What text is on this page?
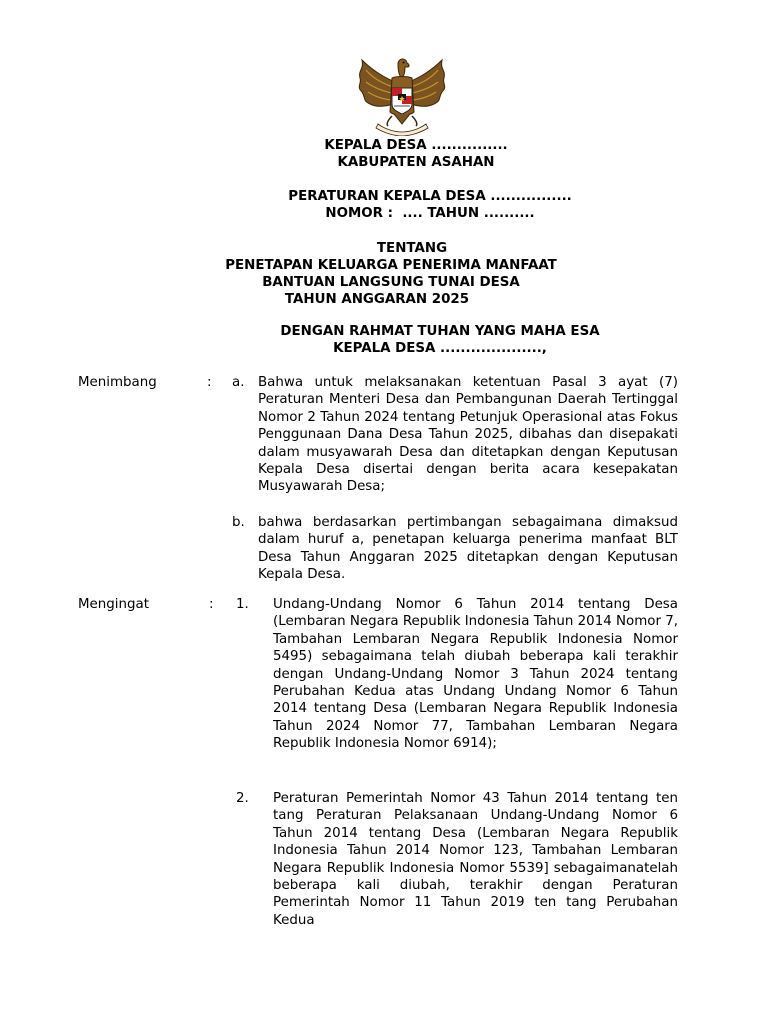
KEPALA DESA ...............
KABUPATEN ASAHAN
PERATURAN KEPALA DESA ................
NOMOR :  .... TAHUN ..........
TENTANG
PENETAPAN KELUARGA PENERIMA MANFAAT
BANTUAN LANGSUNG TUNAI DESA
TAHUN ANGGARAN 2025
DENGAN RAHMAT TUHAN YANG MAHA ESA
KEPALA DESA ....................,
Menimbang	: a. Bahwa untuk melaksanakan ketentuan Pasal 3 ayat (7) Peraturan Menteri Desa dan Pembangunan Daerah Tertinggal Nomor 2 Tahun 2024 tentang Petunjuk Operasional atas Fokus Penggunaan Dana Desa Tahun 2025, dibahas dan disepakati dalam musyawarah Desa dan ditetapkan dengan Keputusan Kepala Desa disertai dengan berita acara kesepakatan Musyawarah Desa;
b. bahwa berdasarkan pertimbangan sebagaimana dimaksud dalam huruf a, penetapan keluarga penerima manfaat BLT Desa Tahun Anggaran 2025 ditetapkan dengan Keputusan Kepala Desa.
Mengingat	: 1. Undang-Undang Nomor 6 Tahun 2014 tentang Desa (Lembaran Negara Republik Indonesia Tahun 2014 Nomor 7, Tambahan Lembaran Negara Republik Indonesia Nomor 5495) sebagaimana telah diubah beberapa kali terakhir dengan Undang-Undang Nomor 3 Tahun 2024 tentang Perubahan Kedua atas Undang Undang Nomor 6 Tahun 2014 tentang Desa (Lembaran Negara Republik Indonesia Tahun 2024 Nomor 77, Tambahan Lembaran Negara Republik Indonesia Nomor 6914);
2. Peraturan Pemerintah Nomor 43 Tahun 2014 tentang ten tang Peraturan Pelaksanaan Undang-Undang Nomor 6 Tahun 2014 tentang Desa (Lembaran Negara Republik Indonesia Tahun 2014 Nomor 123, Tambahan Lembaran Negara Republik Indonesia Nomor 5539] sebagaimanatelah beberapa kali diubah, terakhir dengan Peraturan Pemerintah Nomor 11 Tahun 2019 ten tang Perubahan Kedua
